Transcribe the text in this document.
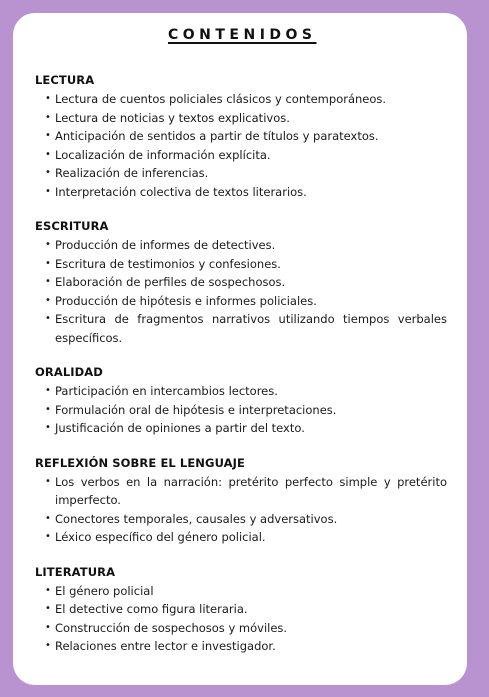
CONTENIDOS
LECTURA
• Lectura de cuentos policiales clásicos y contemporáneos.
• Lectura de noticias y textos explicativos.
• Anticipación de sentidos a partir de títulos y paratextos.
• Localización de información explícita.
• Realización de inferencias.
• Interpretación colectiva de textos literarios.
ESCRITURA
• Producción de informes de detectives.
• Escritura de testimonios y confesiones.
• Elaboración de perfiles de sospechosos.
• Producción de hipótesis e informes policiales.
• Escritura de fragmentos narrativos utilizando tiempos verbales específicos.
ORALIDAD
• Participación en intercambios lectores.
• Formulación oral de hipótesis e interpretaciones.
• Justificación de opiniones a partir del texto.
REFLEXIÓN SOBRE EL LENGUAJE
• Los verbos en la narración: pretérito perfecto simple y pretérito imperfecto.
• Conectores temporales, causales y adversativos.
• Léxico específico del género policial.
LITERATURA
• El género policial
• El detective como figura literaria.
• Construcción de sospechosos y móviles.
• Relaciones entre lector e investigador.
